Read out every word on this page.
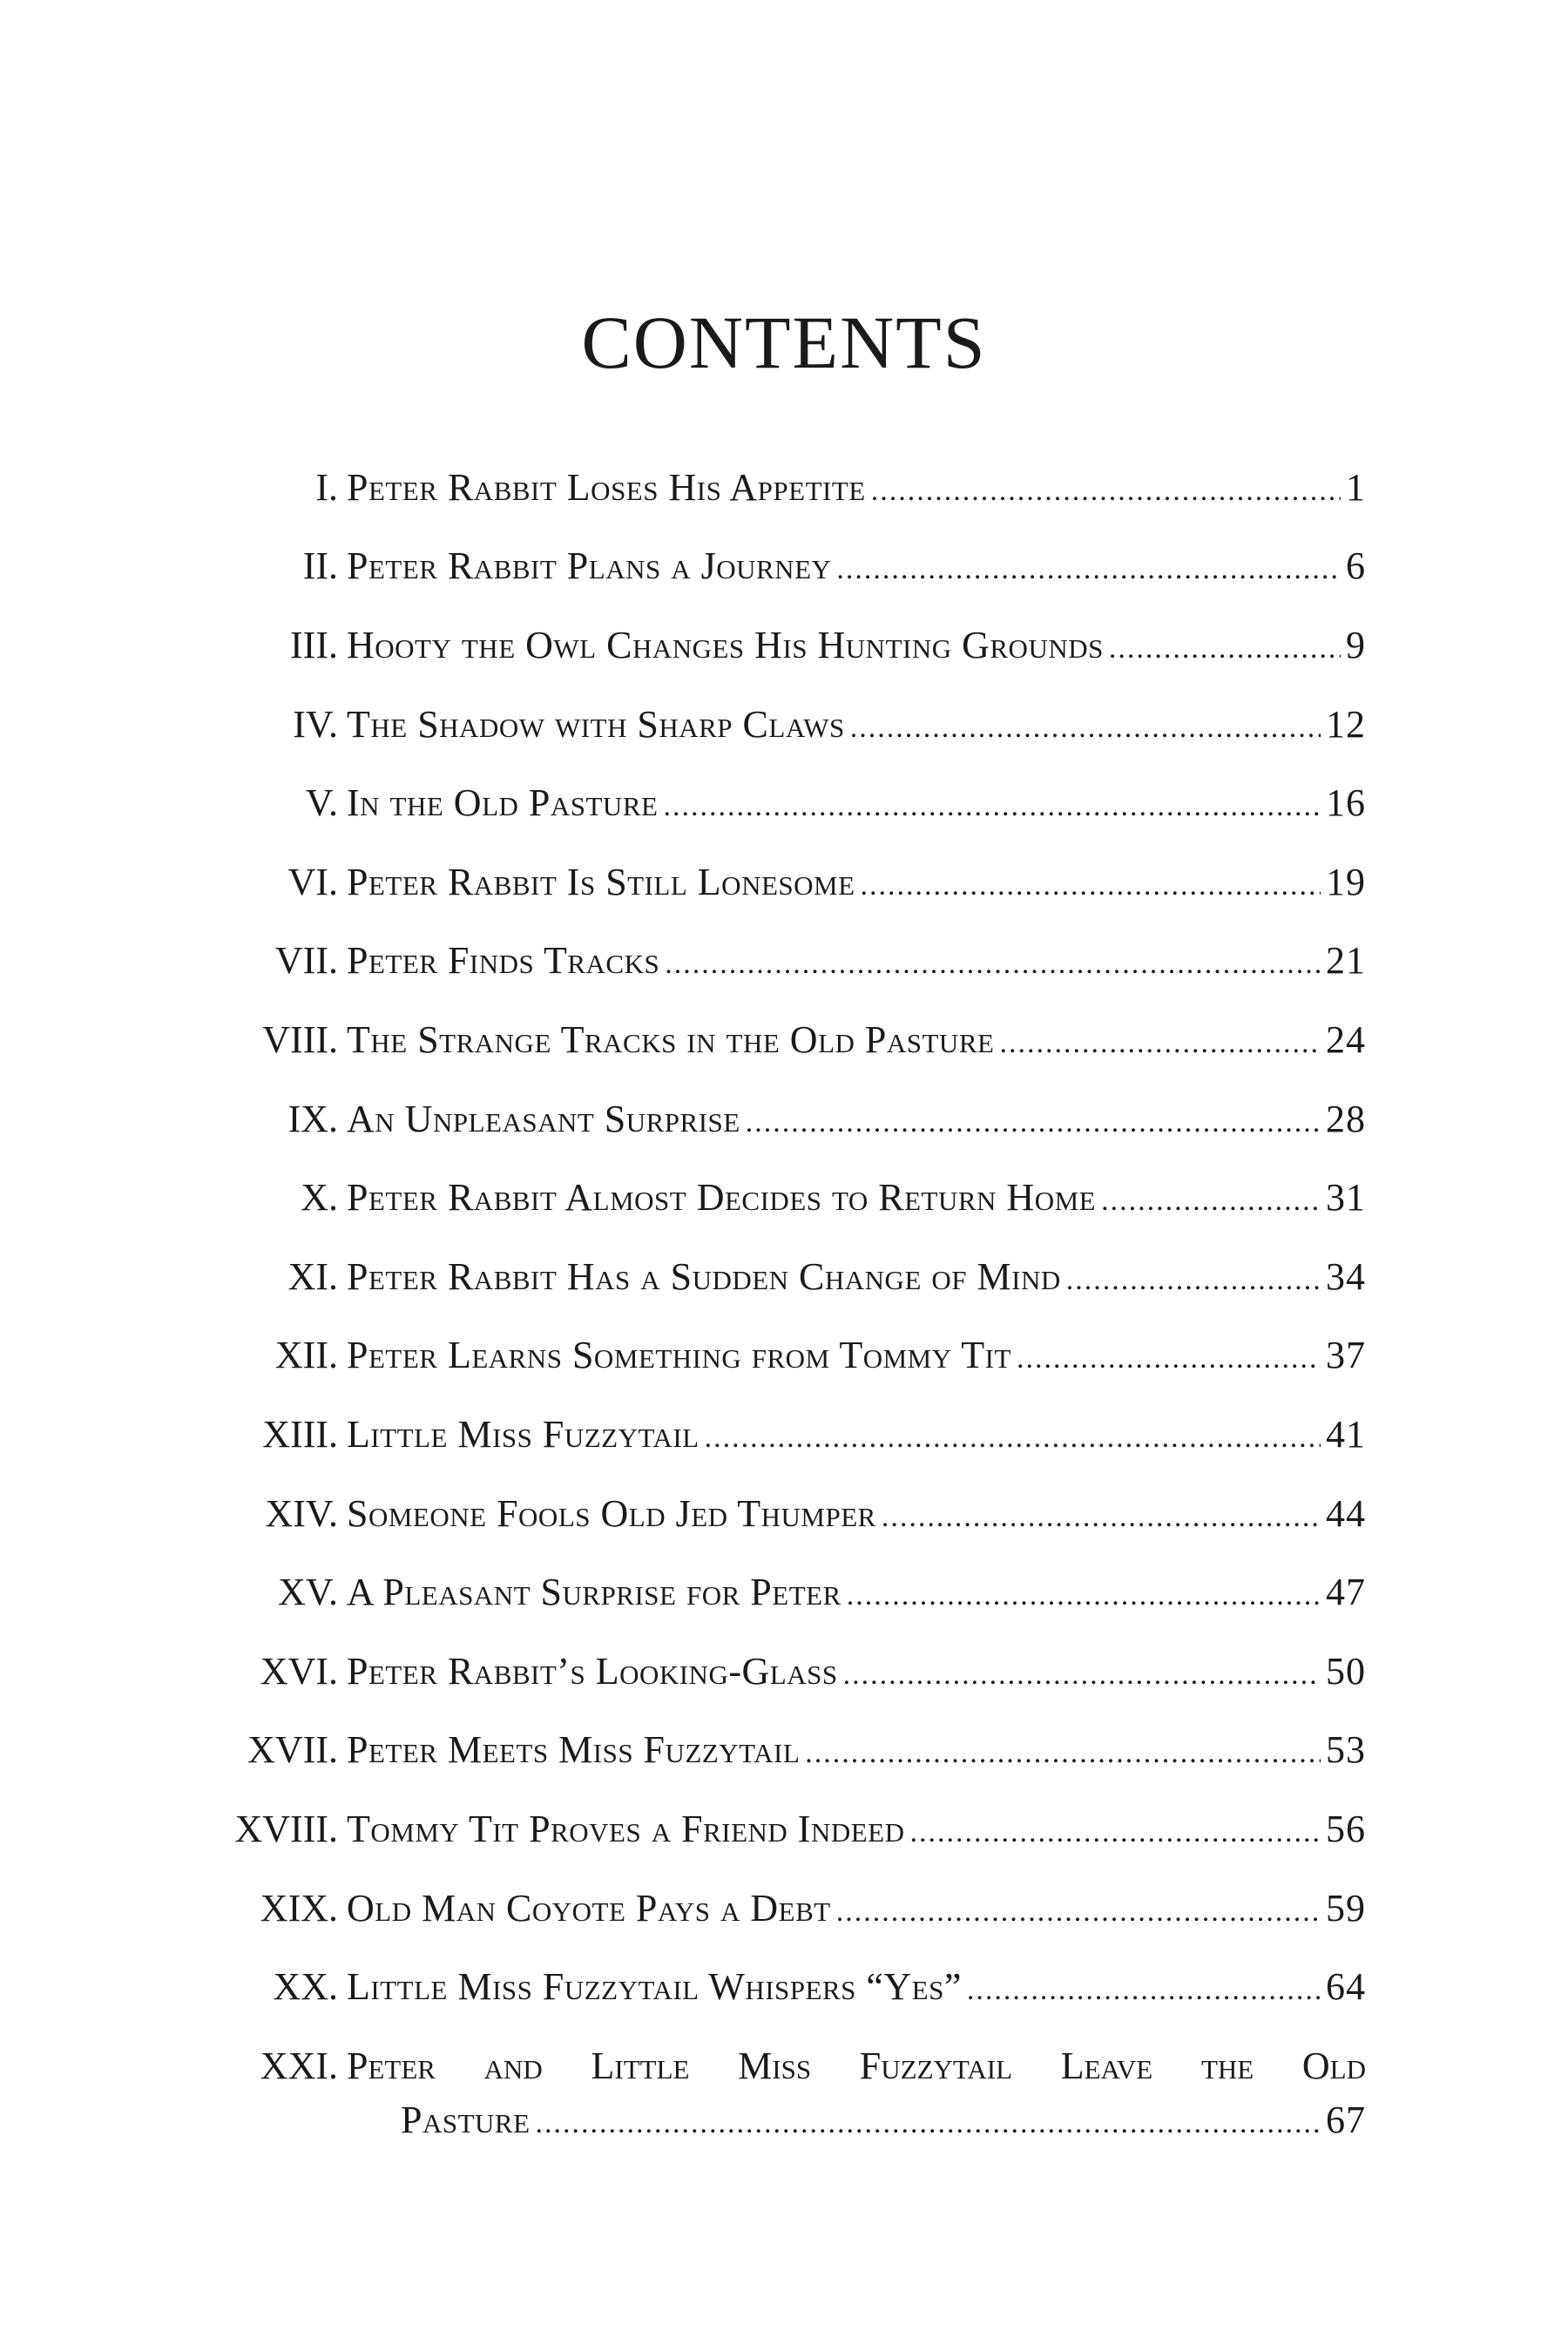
CONTENTS
I. Peter Rabbit Loses His Appetite .....	1
II. Peter Rabbit Plans a Journey .....	6
III. Hooty the Owl Changes His Hunting Grounds .....	9
IV. The Shadow with Sharp Claws .....	12
V. In the Old Pasture .....	16
VI. Peter Rabbit Is Still Lonesome .....	19
VII. Peter Finds Tracks .....	21
VIII. The Strange Tracks in the Old Pasture .....	24
IX. An Unpleasant Surprise .....	28
X. Peter Rabbit Almost Decides to Return Home .....	31
XI. Peter Rabbit Has a Sudden Change of Mind .....	34
XII. Peter Learns Something from Tommy Tit .....	37
XIII. Little Miss Fuzzytail .....	41
XIV. Someone Fools Old Jed Thumper .....	44
XV. A Pleasant Surprise for Peter .....	47
XVI. Peter Rabbit’s Looking-Glass .....	50
XVII. Peter Meets Miss Fuzzytail .....	53
XVIII. Tommy Tit Proves a Friend Indeed .....	56
XIX. Old Man Coyote Pays a Debt .....	59
XX. Little Miss Fuzzytail Whispers “Yes” .....	64
XXI. Peter and Little Miss Fuzzytail Leave the Old
Pasture .....	67
